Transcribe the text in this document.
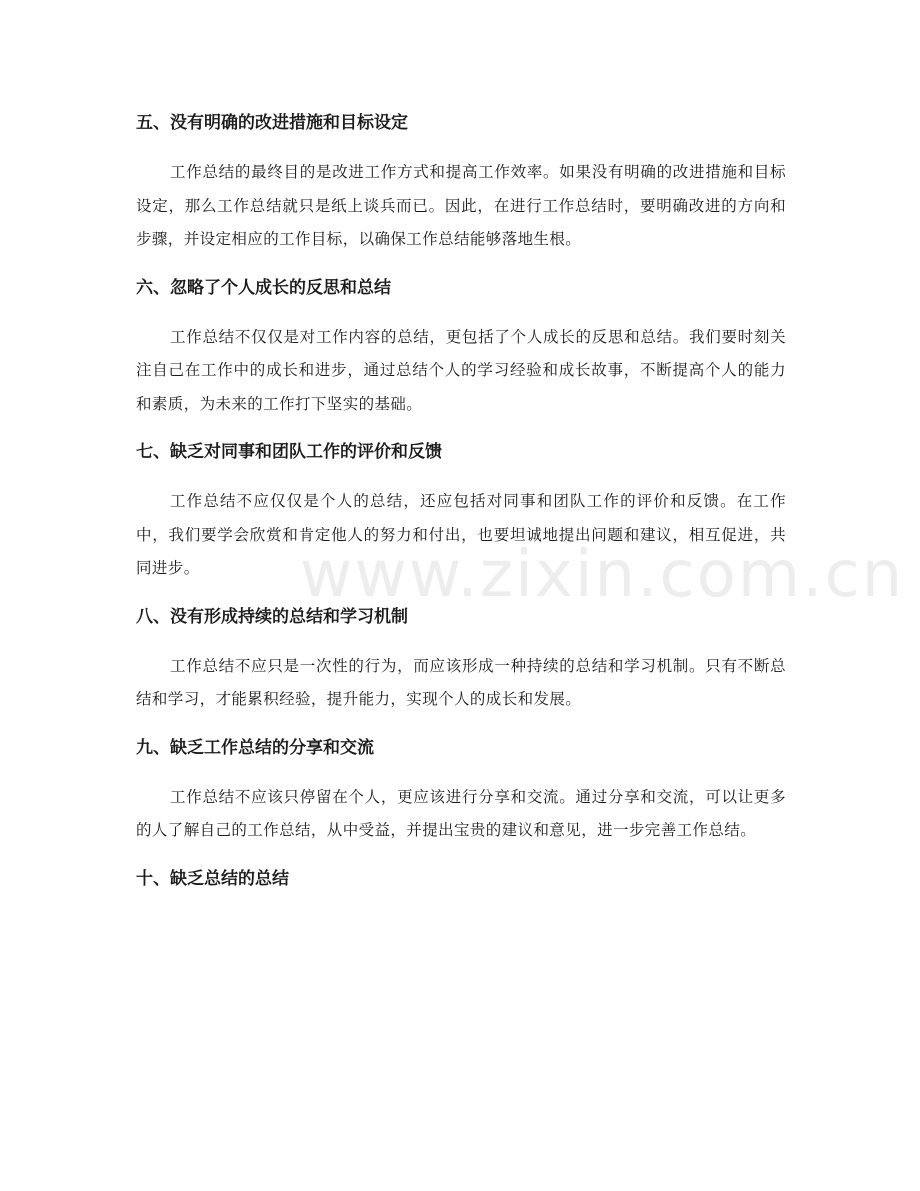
www.zixin.com.cn
五、没有明确的改进措施和目标设定

工作总结的最终目的是改进工作方式和提高工作效率。如果没有明确的改进措施和目标设定，那么工作总结就只是纸上谈兵而已。因此，在进行工作总结时，要明确改进的方向和步骤，并设定相应的工作目标，以确保工作总结能够落地生根。

六、忽略了个人成长的反思和总结

工作总结不仅仅是对工作内容的总结，更包括了个人成长的反思和总结。我们要时刻关注自己在工作中的成长和进步，通过总结个人的学习经验和成长故事，不断提高个人的能力和素质，为未来的工作打下坚实的基础。

七、缺乏对同事和团队工作的评价和反馈

工作总结不应仅仅是个人的总结，还应包括对同事和团队工作的评价和反馈。在工作中，我们要学会欣赏和肯定他人的努力和付出，也要坦诚地提出问题和建议，相互促进，共同进步。

八、没有形成持续的总结和学习机制

工作总结不应只是一次性的行为，而应该形成一种持续的总结和学习机制。只有不断总结和学习，才能累积经验，提升能力，实现个人的成长和发展。

九、缺乏工作总结的分享和交流

工作总结不应该只停留在个人，更应该进行分享和交流。通过分享和交流，可以让更多的人了解自己的工作总结，从中受益，并提出宝贵的建议和意见，进一步完善工作总结。

十、缺乏总结的总结
